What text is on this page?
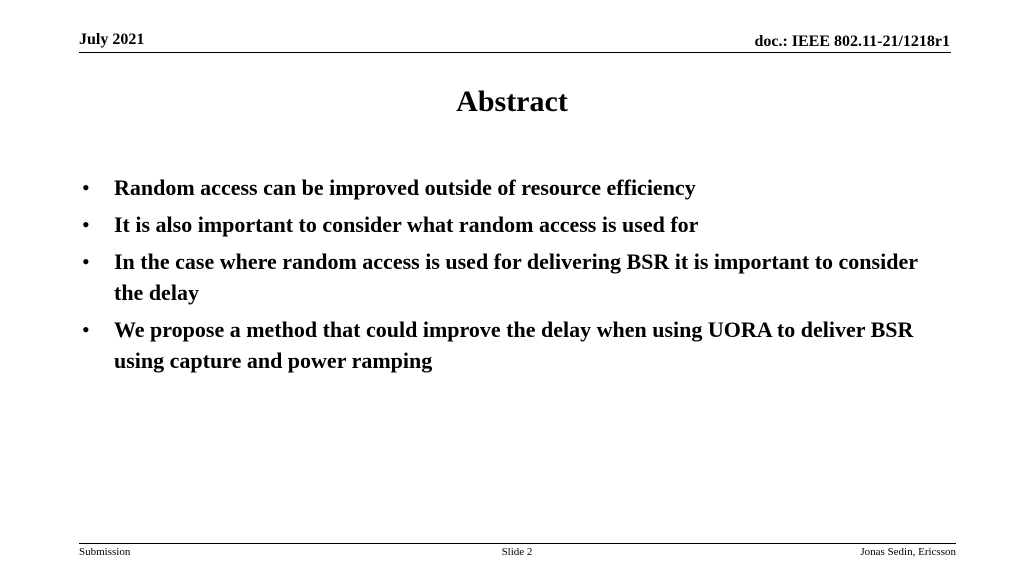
July 2021	doc.: IEEE 802.11-21/1218r1
Abstract
• Random access can be improved outside of resource efficiency
• It is also important to consider what random access is used for
• In the case where random access is used for delivering BSR it is important to consider the delay
• We propose a method that could improve the delay when using UORA to deliver BSR using capture and power ramping
Submission	Slide 2	Jonas Sedin, Ericsson
